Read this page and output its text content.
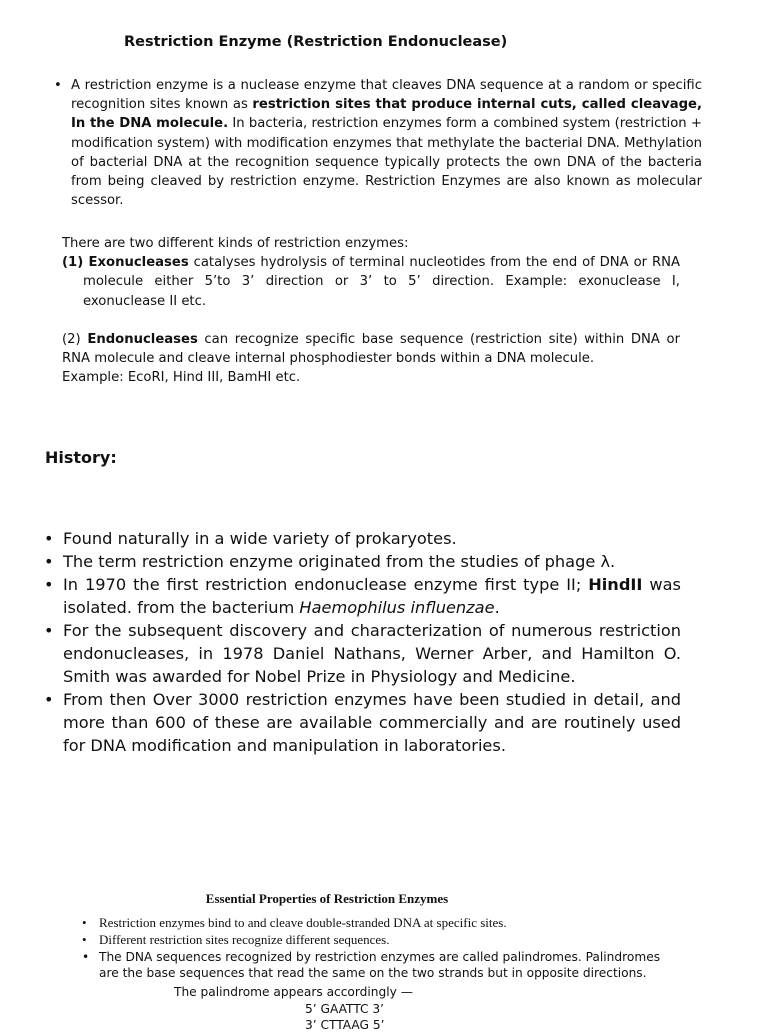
Restriction Enzyme (Restriction Endonuclease)
• A restriction enzyme is a nuclease enzyme that cleaves DNA sequence at a random or specific recognition sites known as restriction sites that produce internal cuts, called cleavage, In the DNA molecule. In bacteria, restriction enzymes form a combined system (restriction + modification system) with modification enzymes that methylate the bacterial DNA. Methylation of bacterial DNA at the recognition sequence typically protects the own DNA of the bacteria from being cleaved by restriction enzyme. Restriction Enzymes are also known as molecular scessor.

There are two different kinds of restriction enzymes:

(1) Exonucleases catalyses hydrolysis of terminal nucleotides from the end of DNA or RNA molecule either 5’to 3’ direction or 3’ to 5’ direction. Example: exonuclease I, exonuclease II etc.

(2) Endonucleases can recognize specific base sequence (restriction site) within DNA or RNA molecule and cleave internal phosphodiester bonds within a DNA molecule.

Example: EcoRI, Hind III, BamHI etc.

History:
• Found naturally in a wide variety of prokaryotes.
• The term restriction enzyme originated from the studies of phage λ.
• In 1970 the first restriction endonuclease enzyme first type II; HindII was isolated. from the bacterium Haemophilus influenzae.
• For the subsequent discovery and characterization of numerous restriction endonucleases, in 1978 Daniel Nathans, Werner Arber, and Hamilton O. Smith was awarded for Nobel Prize in Physiology and Medicine.
• From then Over 3000 restriction enzymes have been studied in detail, and more than 600 of these are available commercially and are routinely used for DNA modification and manipulation in laboratories.
Essential Properties of Restriction Enzymes
• Restriction enzymes bind to and cleave double-stranded DNA at specific sites.
• Different restriction sites recognize different sequences.
• The DNA sequences recognized by restriction enzymes are called palindromes. Palindromes are the base sequences that read the same on the two strands but in opposite directions.
The palindrome appears accordingly —
5’ GAATTC 3’
3’ CTTAAG 5’
